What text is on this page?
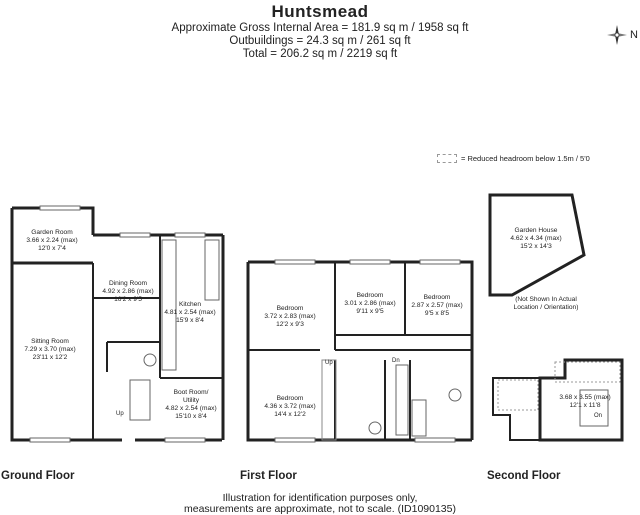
Huntsmead
Approximate Gross Internal Area = 181.9 sq m / 1958 sq ft
Outbuildings = 24.3 sq m / 261 sq ft
Total = 206.2 sq m / 2219 sq ft
N
= Reduced headroom below 1.5m / 5'0
Garden Room
3.66 x 2.24 (max)
12'0 x 7'4
Dining Room
4.92 x 2.86 (max)
16'2 x 9'5
Kitchen
4.81 x 2.54 (max)
15'9 x 8'4
Sitting Room
7.29 x 3.70 (max)
23'11 x 12'2
Boot Room/
Utility
4.82 x 2.54 (max)
15'10 x 8'4
Up
Bedroom
3.72 x 2.83 (max)
12'2 x 9'3
Bedroom
3.01 x 2.86 (max)
9'11 x 9'5
Bedroom
2.87 x 2.57 (max)
9'5 x 8'5
Bedroom
4.36 x 3.72 (max)
14'4 x 12'2
Up	Dn
Garden House
4.62 x 4.34 (max)
15'2 x 14'3
(Not Shown In Actual
Location / Orientation)
3.68 x 3.55 (max)
12'1 x 11'8
On
Ground Floor	First Floor	Second Floor
Illustration for identification purposes only,
measurements are approximate, not to scale. (ID1090135)
